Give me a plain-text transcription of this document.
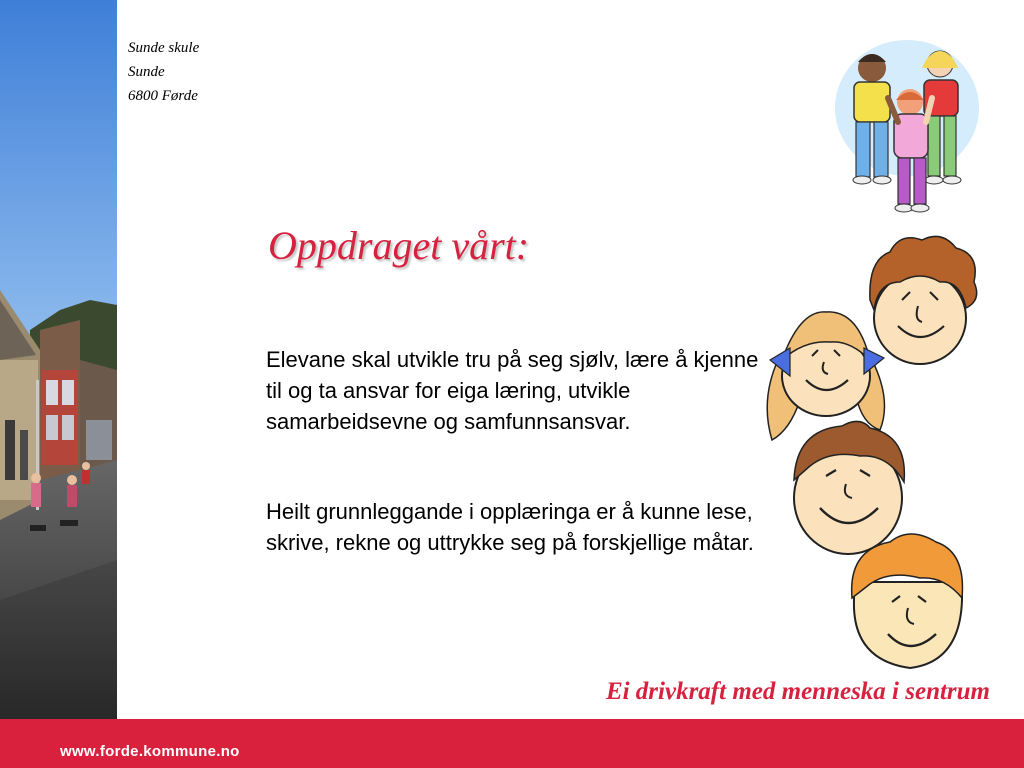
Sunde skule
Sunde
6800 Førde
Oppdraget vårt:

Elevane skal utvikle tru på seg sjølv, lære å kjenne til og ta ansvar for eiga læring, utvikle samarbeidsevne og samfunnsansvar.

Heilt grunnleggande i opplæringa er å kunne lese, skrive, rekne og uttrykke seg på forskjellige måtar.

Ei drivkraft med menneska i sentrum
www.forde.kommune.no
